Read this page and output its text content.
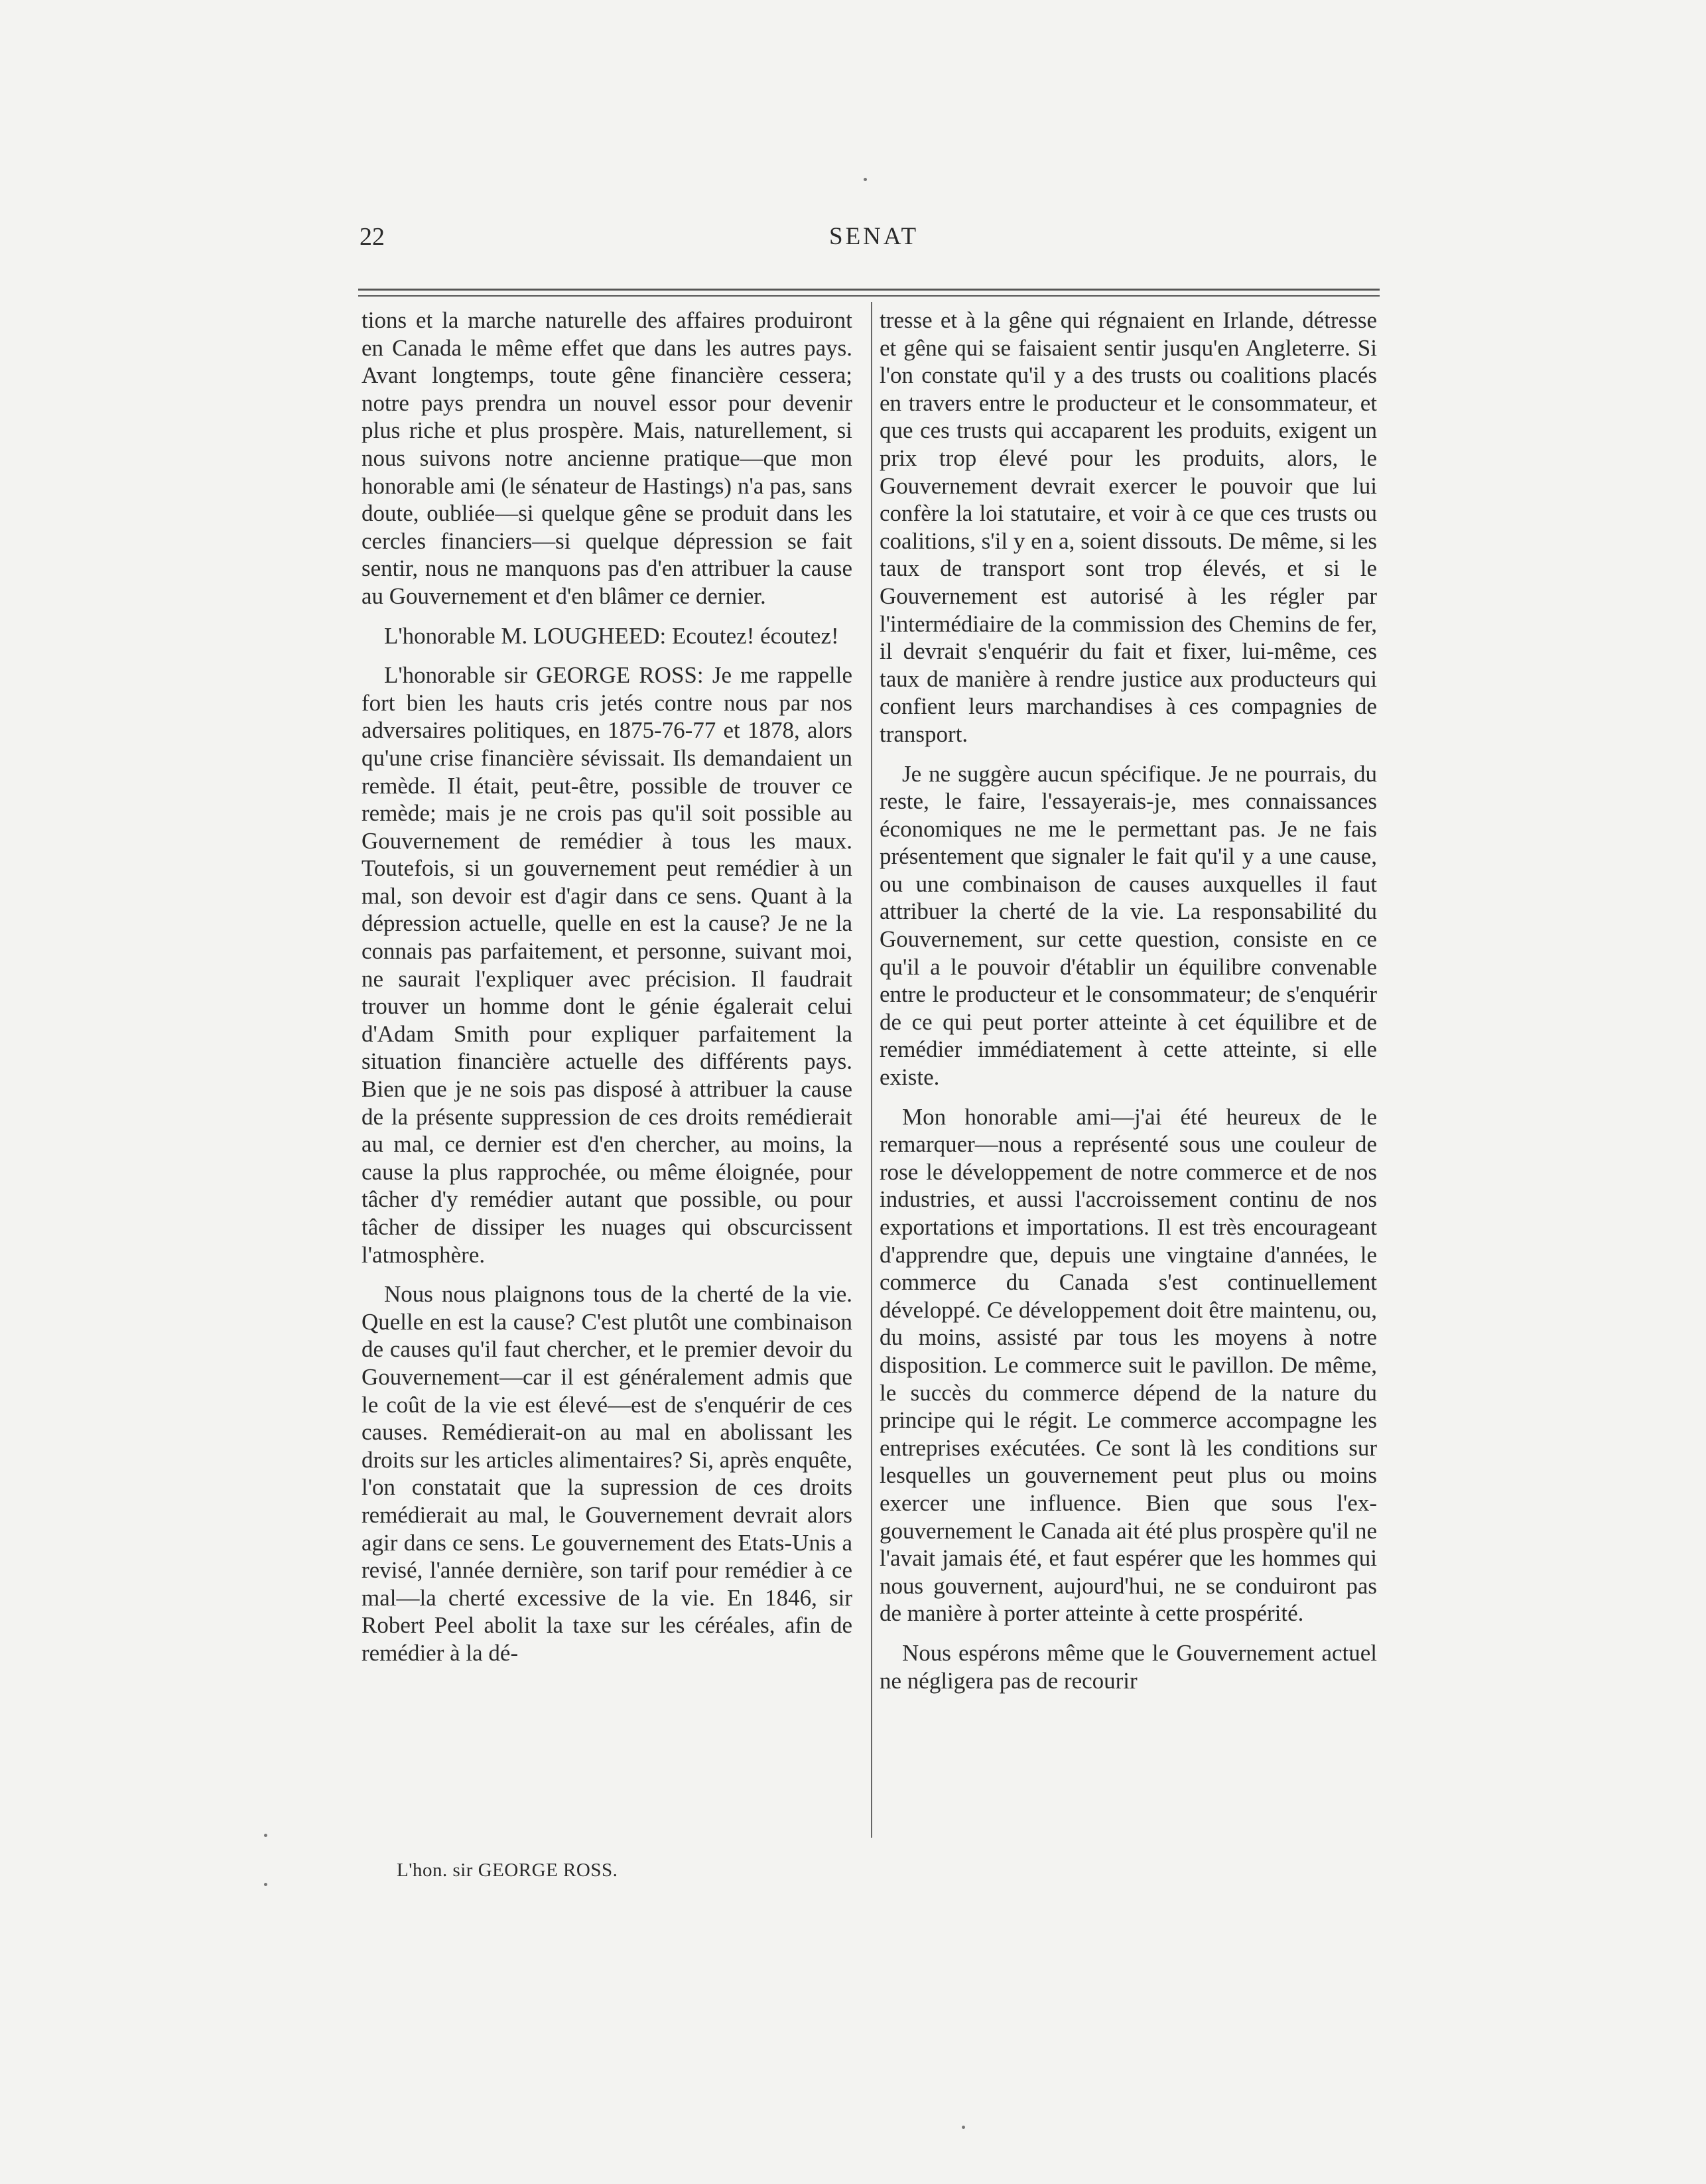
22	SENAT

tions et la marche naturelle des affaires produiront en Canada le même effet que dans les autres pays. Avant longtemps, toute gêne financière cessera; notre pays prendra un nouvel essor pour devenir plus riche et plus prospère. Mais, naturellement, si nous suivons notre ancienne pratique—que mon honorable ami (le sénateur de Hastings) n'a pas, sans doute, oubliée—si quelque gêne se produit dans les cercles financiers—si quelque dépression se fait sentir, nous ne manquons pas d'en attribuer la cause au Gouvernement et d'en blâmer ce dernier.

L'honorable M. LOUGHEED: Ecoutez! écoutez!

L'honorable sir GEORGE ROSS: Je me rappelle fort bien les hauts cris jetés contre nous par nos adversaires politiques, en 1875-76-77 et 1878, alors qu'une crise financière sévissait. Ils demandaient un remède. Il était, peut-être, possible de trouver ce remède; mais je ne crois pas qu'il soit possible au Gouvernement de remédier à tous les maux. Toutefois, si un gouvernement peut remédier à un mal, son devoir est d'agir dans ce sens. Quant à la dépression actuelle, quelle en est la cause? Je ne la connais pas parfaitement, et personne, suivant moi, ne saurait l'expliquer avec précision. Il faudrait trouver un homme dont le génie égalerait celui d'Adam Smith pour expliquer parfaitement la situation financière actuelle des différents pays. Bien que je ne sois pas disposé à attribuer la cause de la présente suppression de ces droits remédierait au mal, ce dernier est d'en chercher, au moins, la cause la plus rapprochée, ou même éloignée, pour tâcher d'y remédier autant que possible, ou pour tâcher de dissiper les nuages qui obscurcissent l'atmosphère.

Nous nous plaignons tous de la cherté de la vie. Quelle en est la cause? C'est plutôt une combinaison de causes qu'il faut chercher, et le premier devoir du Gouvernement—car il est généralement admis que le coût de la vie est élevé—est de s'enquérir de ces causes. Remédierait-on au mal en abolissant les droits sur les articles alimentaires? Si, après enquête, l'on constatait que la supression de ces droits remédierait au mal, le Gouvernement devrait alors agir dans ce sens. Le gouvernement des Etats-Unis a revisé, l'année dernière, son tarif pour remédier à ce mal—la cherté excessive de la vie. En 1846, sir Robert Peel abolit la taxe sur les céréales, afin de remédier à la dé-

tresse et à la gêne qui régnaient en Irlande, détresse et gêne qui se faisaient sentir jusqu'en Angleterre. Si l'on constate qu'il y a des trusts ou coalitions placés en travers entre le producteur et le consommateur, et que ces trusts qui accaparent les produits, exigent un prix trop élevé pour les produits, alors, le Gouvernement devrait exercer le pouvoir que lui confère la loi statutaire, et voir à ce que ces trusts ou coalitions, s'il y en a, soient dissouts. De même, si les taux de transport sont trop élevés, et si le Gouvernement est autorisé à les régler par l'intermédiaire de la commission des Chemins de fer, il devrait s'enquérir du fait et fixer, lui-même, ces taux de manière à rendre justice aux producteurs qui confient leurs marchandises à ces compagnies de transport.

Je ne suggère aucun spécifique. Je ne pourrais, du reste, le faire, l'essayerais-je, mes connaissances économiques ne me le permettant pas. Je ne fais présentement que signaler le fait qu'il y a une cause, ou une combinaison de causes auxquelles il faut attribuer la cherté de la vie. La responsabilité du Gouvernement, sur cette question, consiste en ce qu'il a le pouvoir d'établir un équilibre convenable entre le producteur et le consommateur; de s'enquérir de ce qui peut porter atteinte à cet équilibre et de remédier immédiatement à cette atteinte, si elle existe.

Mon honorable ami—j'ai été heureux de le remarquer—nous a représenté sous une couleur de rose le développement de notre commerce et de nos industries, et aussi l'accroissement continu de nos exportations et importations. Il est très encourageant d'apprendre que, depuis une vingtaine d'années, le commerce du Canada s'est continuellement développé. Ce développement doit être maintenu, ou, du moins, assisté par tous les moyens à notre disposition. Le commerce suit le pavillon. De même, le succès du commerce dépend de la nature du principe qui le régit. Le commerce accompagne les entreprises exécutées. Ce sont là les conditions sur lesquelles un gouvernement peut plus ou moins exercer une influence. Bien que sous l'ex-gouvernement le Canada ait été plus prospère qu'il ne l'avait jamais été, et faut espérer que les hommes qui nous gouvernent, aujourd'hui, ne se conduiront pas de manière à porter atteinte à cette prospérité.

Nous espérons même que le Gouvernement actuel ne négligera pas de recourir

L'hon. sir GEORGE ROSS.
